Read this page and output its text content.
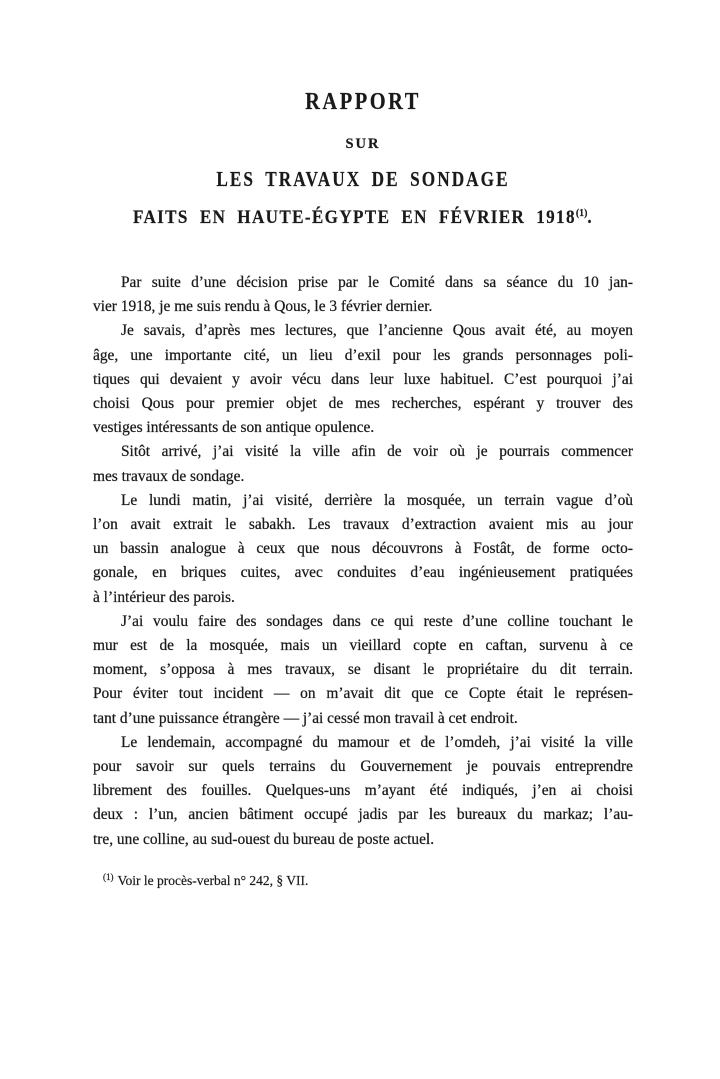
RAPPORT
SUR
LES TRAVAUX DE SONDAGE
FAITS EN HAUTE-ÉGYPTE EN FÉVRIER 1918$^{(1)}$.
Par suite d’une décision prise par le Comité dans sa séance du 10 jan-
vier 1918, je me suis rendu à Qous, le 3 février dernier.
Je savais, d’après mes lectures, que l’ancienne Qous avait été, au moyen
âge, une importante cité, un lieu d’exil pour les grands personnages poli-
tiques qui devaient y avoir vécu dans leur luxe habituel. C’est pourquoi j’ai
choisi Qous pour premier objet de mes recherches, espérant y trouver des
vestiges intéressants de son antique opulence.
Sitôt arrivé, j’ai visité la ville afin de voir où je pourrais commencer
mes travaux de sondage.
Le lundi matin, j’ai visité, derrière la mosquée, un terrain vague d’où
l’on avait extrait le sabakh. Les travaux d’extraction avaient mis au jour
un bassin analogue à ceux que nous découvrons à Fostât, de forme octo-
gonale, en briques cuites, avec conduites d’eau ingénieusement pratiquées
à l’intérieur des parois.
J’ai voulu faire des sondages dans ce qui reste d’une colline touchant le
mur est de la mosquée, mais un vieillard copte en caftan, survenu à ce
moment, s’opposa à mes travaux, se disant le propriétaire du dit terrain.
Pour éviter tout incident — on m’avait dit que ce Copte était le représen-
tant d’une puissance étrangère — j’ai cessé mon travail à cet endroit.
Le lendemain, accompagné du mamour et de l’omdeh, j’ai visité la ville
pour savoir sur quels terrains du Gouvernement je pouvais entreprendre
librement des fouilles. Quelques-uns m’ayant été indiqués, j’en ai choisi
deux : l’un, ancien bâtiment occupé jadis par les bureaux du markaz; l’au-
tre, une colline, au sud-ouest du bureau de poste actuel.
$^{(1)}$ Voir le procès-verbal n° 242, § VII.
